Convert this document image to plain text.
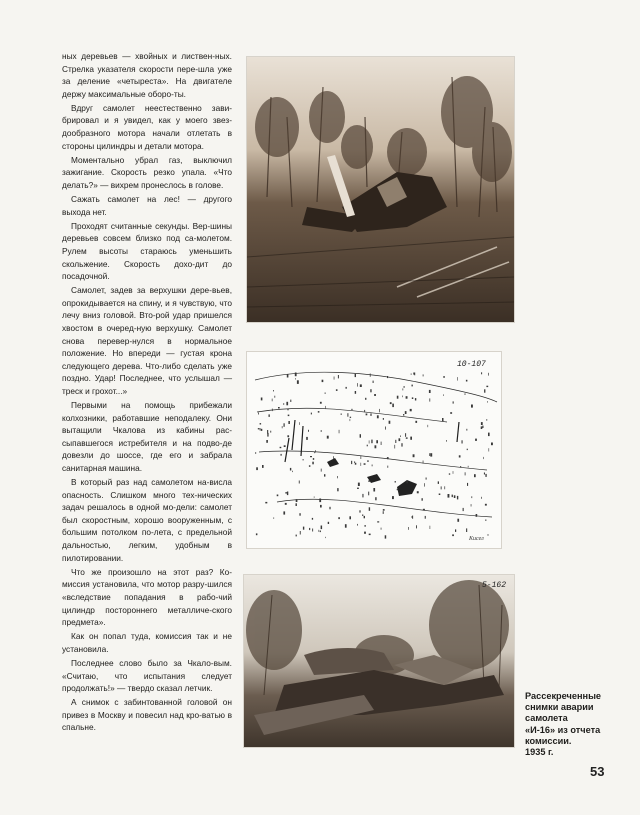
ных деревьев — хвойных и листвен-ных. Стрелка указателя скорости пере-шла уже за деление «четыреста». На двигателе держу максимальные оборо-ты.

Вдруг самолет неестественно зави-брировал и я увидел, как у моего звез-дообразного мотора начали отлетать в стороны цилиндры и детали мотора.

Моментально убрал газ, выключил зажигание. Скорость резко упала. «Что делать?» — вихрем пронеслось в голове.

Сажать самолет на лес! — другого выхода нет.

Проходят считанные секунды. Вер-шины деревьев совсем близко под са-молетом. Рулем высоты стараюсь уменьшить скольжение. Скорость дохо-дит до посадочной.

Самолет, задев за верхушки дере-вьев, опрокидывается на спину, и я чувствую, что лечу вниз головой. Вто-рой удар пришелся хвостом в очеред-ную верхушку. Самолет снова перевер-нулся в нормальное положение. Но впереди — густая крона следующего дерева. Что-либо сделать уже поздно. Удар! Последнее, что услышал — треск и грохот...»

Первыми на помощь прибежали колхозники, работавшие неподалеку. Они вытащили Чкалова из кабины рас-сыпавшегося истребителя и на подво-де довезли до шоссе, где его и забрала санитарная машина.

В который раз над самолетом на-висла опасность. Слишком много тех-нических задач решалось в одной мо-дели: самолет был скоростным, хорошо вооруженным, с большим потолком по-лета, с предельной дальностью, легким, удобным в пилотировании.

Что же произошло на этот раз? Ко-миссия установила, что мотор разру-шился «вследствие попадания в рабо-чий цилиндр постороннего металличе-ского предмета».

Как он попал туда, комиссия так и не установила.

Последнее слово было за Чкало-вым. «Считаю, что испытания следует продолжать!» — твердо сказал летчик.

А снимок с забинтованной головой он привез в Москву и повесил над кро-ватью в спальне.

10-107
Кисел
5-162
Рассекреченные
снимки аварии
самолета
«И-16» из отчета
комиссии.
1935 г.
53
